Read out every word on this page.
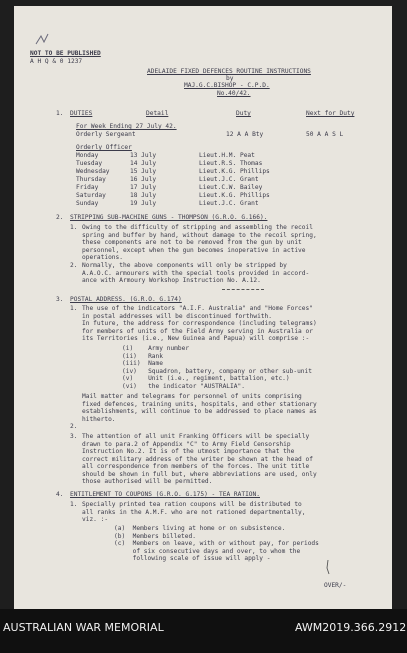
NOT TO BE PUBLISHED
A H Q & 0 1237
ADELAIDE FIXED DEFENCES ROUTINE INSTRUCTIONS
by
MAJ.G.C.BISHOP - C.P.D.
No.40/42.
1. DUTIES	Detail	Duty	Next for Duty
For Week Ending 27 July 42.
Orderly Sergeant	12 A A Bty	50 A A S L
Orderly Officer
Monday	13 July	Lieut.H.M. Peat
Tuesday	14 July	Lieut.R.S. Thomas
Wednesday	15 July	Lieut.K.G. Phillips
Thursday	16 July	Lieut.J.C. Grant
Friday	17 July	Lieut.C.W. Bailey
Saturday	18 July	Lieut.K.G. Phillips
Sunday	19 July	Lieut.J.C. Grant
2. STRIPPING SUB-MACHINE GUNS - THOMPSON (G.R.O. G.166).
1. Owing to the difficulty of stripping and assembling the recoil
spring and buffer by hand, without damage to the recoil spring,
these components are not to be removed from the gun by unit
personnel, except when the gun becomes inoperative in active
operations.
2. Normally, the above components will only be stripped by
A.A.O.C. armourers with the special tools provided in accord-
ance with Armoury Workshop Instruction No. A.12.
3. POSTAL ADDRESS. (G.R.O. G.174)
1. The use of the indicators "A.I.F. Australia" and "Home Forces"
in postal addresses will be discontinued forthwith.
In future, the address for correspondence (including telegrams)
for members of units of the Field Army serving in Australia or
its Territories (i.e., New Guinea and Papua) will comprise :-
(i)    Army number
(ii)   Rank
(iii)  Name
(iv)   Squadron, battery, company or other sub-unit
(v)    Unit (i.e., regiment, battalion, etc.)
(vi)   the indicator "AUSTRALIA".
Mail matter and telegrams for personnel of units comprising
fixed defences, training units, hospitals, and other stationary
establishments, will continue to be addressed to place names as
hitherto.
2.
3. The attention of all unit Franking Officers will be specially
drawn to para.2 of Appendix "C" to Army Field Censorship
Instruction No.2. It is of the utmost importance that the
correct military address of the writer be shown at the head of
all correspondence from members of the forces. The unit title
should be shown in full but, where abbreviations are used, only
those authorised will be permitted.
4. ENTITLEMENT TO COUPONS (G.R.O. G.175) - TEA RATION.
1. Specially printed tea ration coupons will be distributed to
all ranks in the A.M.F. who are not rationed departmentally,
viz. :-
(a)  Members living at home or on subsistence.
(b)  Members billeted.
(c)  Members on leave, with or without pay, for periods
of six consecutive days and over, to whom the
following scale of issue will apply -
OVER/-
AUSTRALIAN WAR MEMORIAL	AWM2019.366.2912
